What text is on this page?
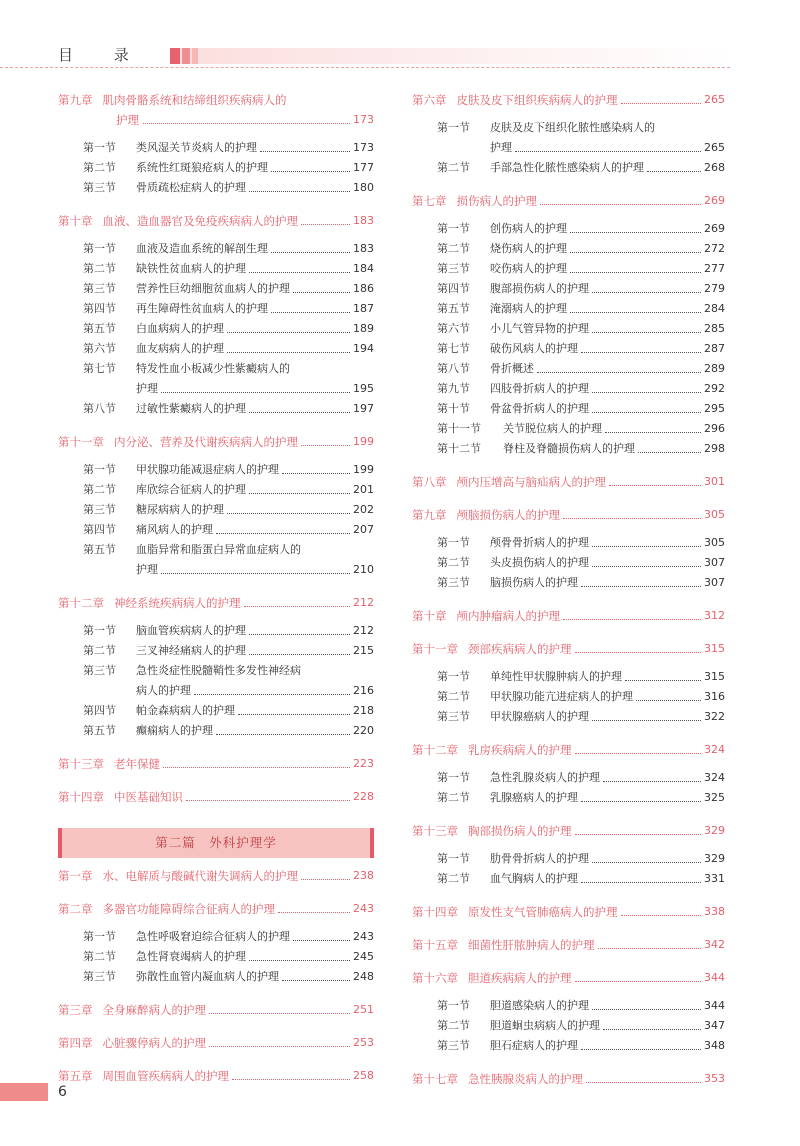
目 录
第九章 肌肉骨骼系统和结缔组织疾病病人的
护理	173
第一节	类风湿关节炎病人的护理	173
第二节	系统性红斑狼疮病人的护理	177
第三节	骨质疏松症病人的护理	180
第十章 血液、造血器官及免疫疾病病人的护理	183
第一节	血液及造血系统的解剖生理	183
第二节	缺铁性贫血病人的护理	184
第三节	营养性巨幼细胞贫血病人的护理	186
第四节	再生障碍性贫血病人的护理	187
第五节	白血病病人的护理	189
第六节	血友病病人的护理	194
第七节 特发性血小板减少性紫癜病人的
护理	195
第八节	过敏性紫癜病人的护理	197
第十一章 内分泌、营养及代谢疾病病人的护理	199
第一节	甲状腺功能减退症病人的护理	199
第二节	库欣综合征病人的护理	201
第三节	糖尿病病人的护理	202
第四节	痛风病人的护理	207
第五节 血脂异常和脂蛋白异常血症病人的
护理	210
第十二章 神经系统疾病病人的护理	212
第一节	脑血管疾病病人的护理	212
第二节	三叉神经痛病人的护理	215
第三节 急性炎症性脱髓鞘性多发性神经病
病人的护理	216
第四节	帕金森病病人的护理	218
第五节	癫痫病人的护理	220
第十三章 老年保健	223
第十四章 中医基础知识	228
第二篇　外科护理学
第一章 水、电解质与酸碱代谢失调病人的护理	238
第二章 多器官功能障碍综合征病人的护理	243
第一节	急性呼吸窘迫综合征病人的护理	243
第二节	急性肾衰竭病人的护理	245
第三节	弥散性血管内凝血病人的护理	248
第三章 全身麻醉病人的护理	251
第四章 心脏骤停病人的护理	253
第五章 周围血管疾病病人的护理	258
第六章 皮肤及皮下组织疾病病人的护理	265
第一节 皮肤及皮下组织化脓性感染病人的
护理	265
第二节	手部急性化脓性感染病人的护理	268
第七章 损伤病人的护理	269
第一节	创伤病人的护理	269
第二节	烧伤病人的护理	272
第三节	咬伤病人的护理	277
第四节	腹部损伤病人的护理	279
第五节	淹溺病人的护理	284
第六节	小儿气管异物的护理	285
第七节	破伤风病人的护理	287
第八节	骨折概述	289
第九节	四肢骨折病人的护理	292
第十节	骨盆骨折病人的护理	295
第十一节	关节脱位病人的护理	296
第十二节	脊柱及脊髓损伤病人的护理	298
第八章 颅内压增高与脑疝病人的护理	301
第九章 颅脑损伤病人的护理	305
第一节	颅骨骨折病人的护理	305
第二节	头皮损伤病人的护理	307
第三节	脑损伤病人的护理	307
第十章 颅内肿瘤病人的护理	312
第十一章 颈部疾病病人的护理	315
第一节	单纯性甲状腺肿病人的护理	315
第二节	甲状腺功能亢进症病人的护理	316
第三节	甲状腺癌病人的护理	322
第十二章 乳房疾病病人的护理	324
第一节	急性乳腺炎病人的护理	324
第二节	乳腺癌病人的护理	325
第十三章 胸部损伤病人的护理	329
第一节	肋骨骨折病人的护理	329
第二节	血气胸病人的护理	331
第十四章 原发性支气管肺癌病人的护理	338
第十五章 细菌性肝脓肿病人的护理	342
第十六章 胆道疾病病人的护理	344
第一节	胆道感染病人的护理	344
第二节	胆道蛔虫病病人的护理	347
第三节	胆石症病人的护理	348
第十七章 急性胰腺炎病人的护理	353
6
